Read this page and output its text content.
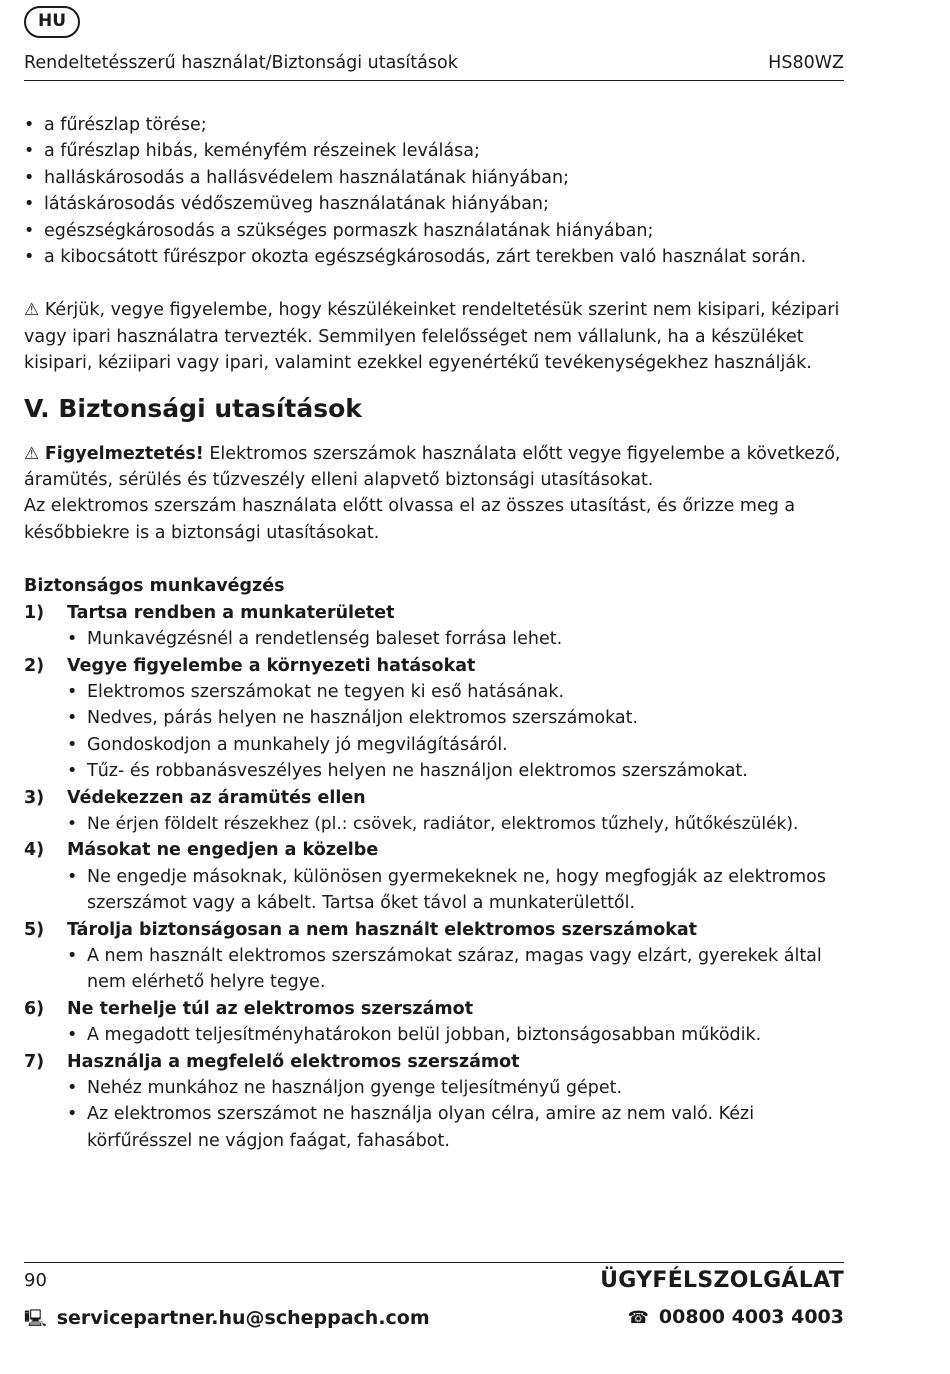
HU
Rendeltetésszerű használat/Biztonsági utasítások	HS80WZ
• a fűrészlap törése;
• a fűrészlap hibás, keményfém részeinek leválása;
• halláskárosodás a hallásvédelem használatának hiányában;
• látáskárosodás védőszemüveg használatának hiányában;
• egészségkárosodás a szükséges pormaszk használatának hiányában;
• a kibocsátott fűrészpor okozta egészségkárosodás, zárt terekben való használat során.

⚠ Kérjük, vegye figyelembe, hogy készülékeinket rendeltetésük szerint nem kisipari, kézipari vagy ipari használatra tervezték. Semmilyen felelősséget nem vállalunk, ha a készüléket kisipari, kéziipari vagy ipari, valamint ezekkel egyenértékű tevékenységekhez használják.

V. Biztonsági utasítások

⚠ Figyelmeztetés! Elektromos szerszámok használata előtt vegye figyelembe a következő, áramütés, sérülés és tűzveszély elleni alapvető biztonsági utasításokat.

Az elektromos szerszám használata előtt olvassa el az összes utasítást, és őrizze meg a későbbiekre is a biztonsági utasításokat.

Biztonságos munkavégzés

1) Tartsa rendben a munkaterületet
• Munkavégzésnél a rendetlenség baleset forrása lehet.
2) Vegye figyelembe a környezeti hatásokat
• Elektromos szerszámokat ne tegyen ki eső hatásának.
• Nedves, párás helyen ne használjon elektromos szerszámokat.
• Gondoskodjon a munkahely jó megvilágításáról.
• Tűz- és robbanásveszélyes helyen ne használjon elektromos szerszámokat.
3) Védekezzen az áramütés ellen
• Ne érjen földelt részekhez (pl.: csövek, radiátor, elektromos tűzhely, hűtőkészülék).
4) Másokat ne engedjen a közelbe
• Ne engedje másoknak, különösen gyermekeknek ne, hogy megfogják az elektromos szerszámot vagy a kábelt. Tartsa őket távol a munkaterülettől.
5) Tárolja biztonságosan a nem használt elektromos szerszámokat
• A nem használt elektromos szerszámokat száraz, magas vagy elzárt, gyerekek által nem elérhető helyre tegye.
6) Ne terhelje túl az elektromos szerszámot
• A megadott teljesítményhatárokon belül jobban, biztonságosabban működik.
7) Használja a megfelelő elektromos szerszámot
• Nehéz munkához ne használjon gyenge teljesítményű gépet.
• Az elektromos szerszámot ne használja olyan célra, amire az nem való. Kézi körfűrésszel ne vágjon faágat, fahasábot.
90	ÜGYFÉLSZOLGÁLAT
🖳 servicepartner.hu@scheppach.com	☎ 00800 4003 4003
